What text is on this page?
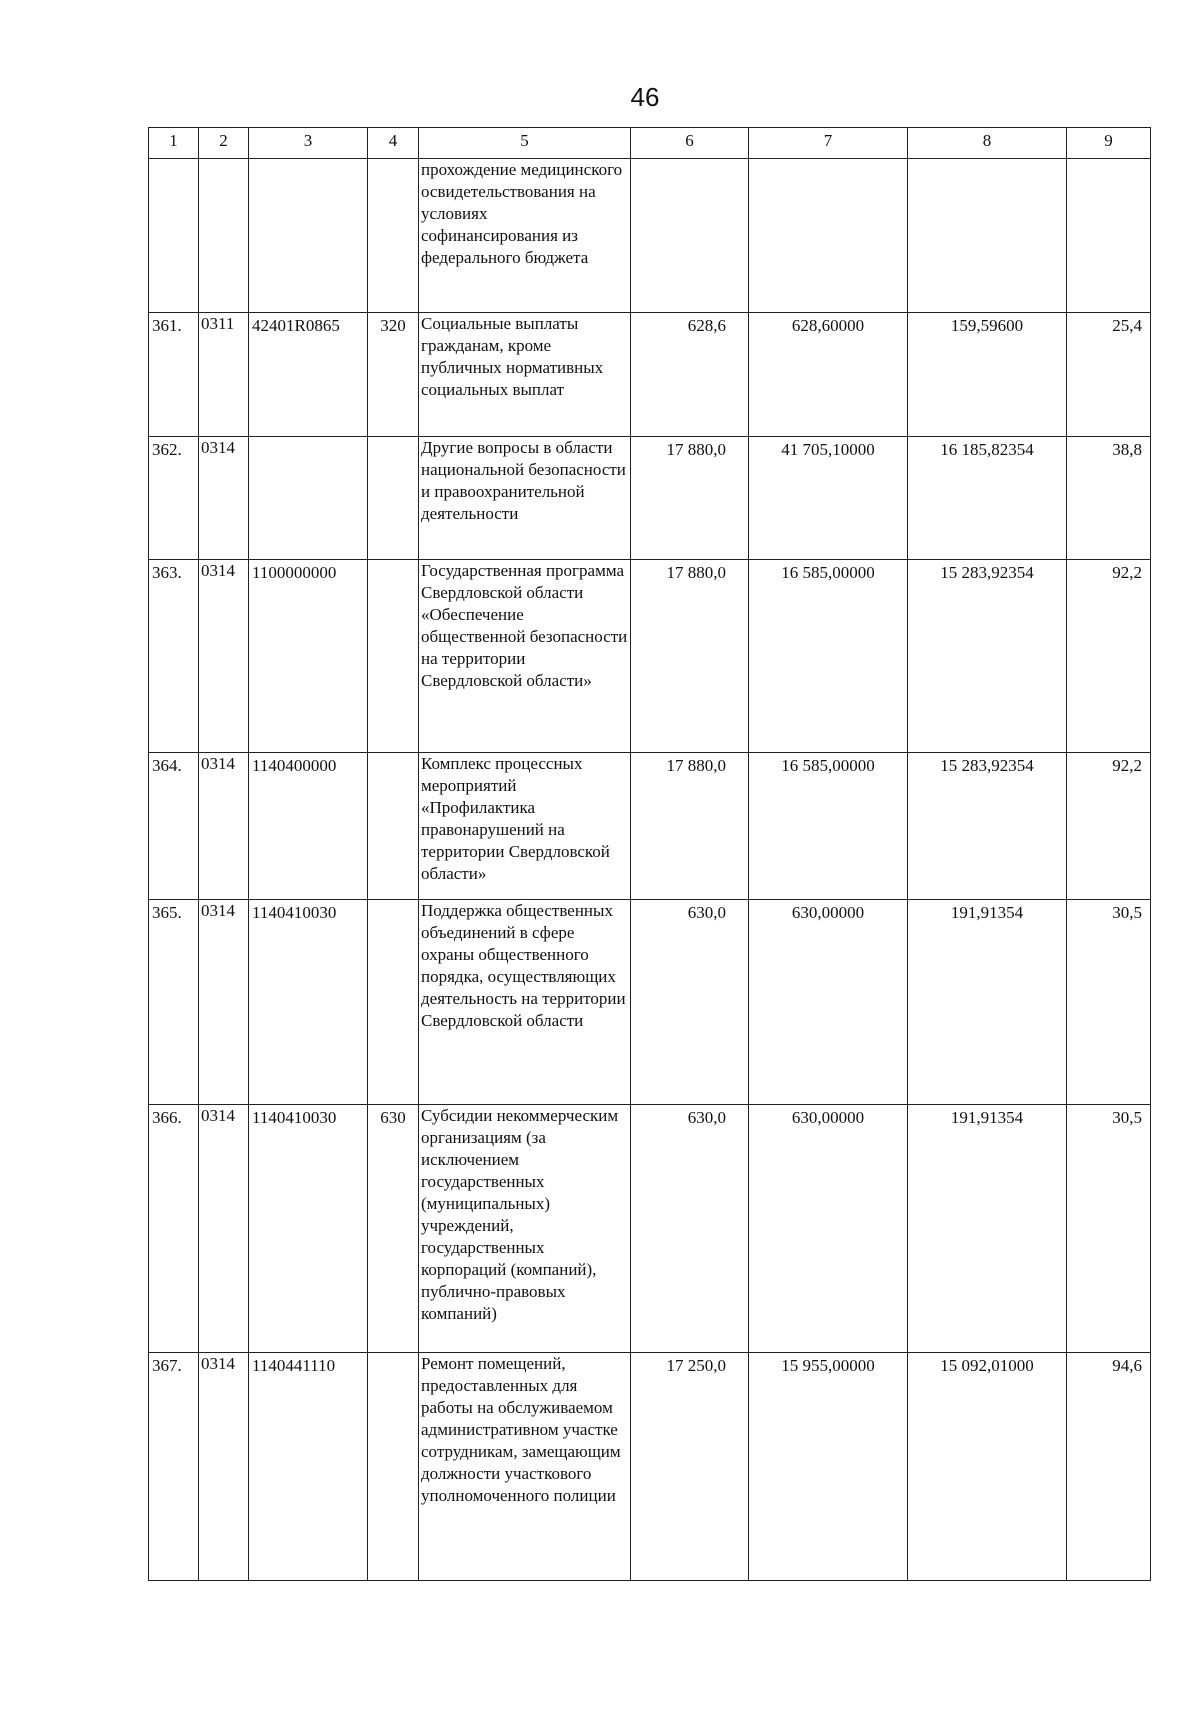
46
1	2	3	4	5	6	7	8	9
				прохождение медицинского освидетельствования на условиях софинансирования из федерального бюджета				
361.	0311	42401R0865	320	Социальные выплаты гражданам, кроме публичных нормативных социальных выплат	628,6	628,60000	159,59600	25,4
362.	0314			Другие вопросы в области национальной безопасности и правоохранительной деятельности	17 880,0	41 705,10000	16 185,82354	38,8
363.	0314	1100000000		Государственная программа Свердловской области «Обеспечение общественной безопасности на территории Свердловской области»	17 880,0	16 585,00000	15 283,92354	92,2
364.	0314	1140400000		Комплекс процессных мероприятий «Профилактика правонарушений на территории Свердловской области»	17 880,0	16 585,00000	15 283,92354	92,2
365.	0314	1140410030		Поддержка общественных объединений в сфере охраны общественного порядка, осуществляющих деятельность на территории Свердловской области	630,0	630,00000	191,91354	30,5
366.	0314	1140410030	630	Субсидии некоммерческим организациям (за исключением государственных (муниципальных) учреждений, государственных корпораций (компаний), публично-правовых компаний)	630,0	630,00000	191,91354	30,5
367.	0314	1140441110		Ремонт помещений, предоставленных для работы на обслуживаемом административном участке сотрудникам, замещающим должности участкового уполномоченного полиции	17 250,0	15 955,00000	15 092,01000	94,6
